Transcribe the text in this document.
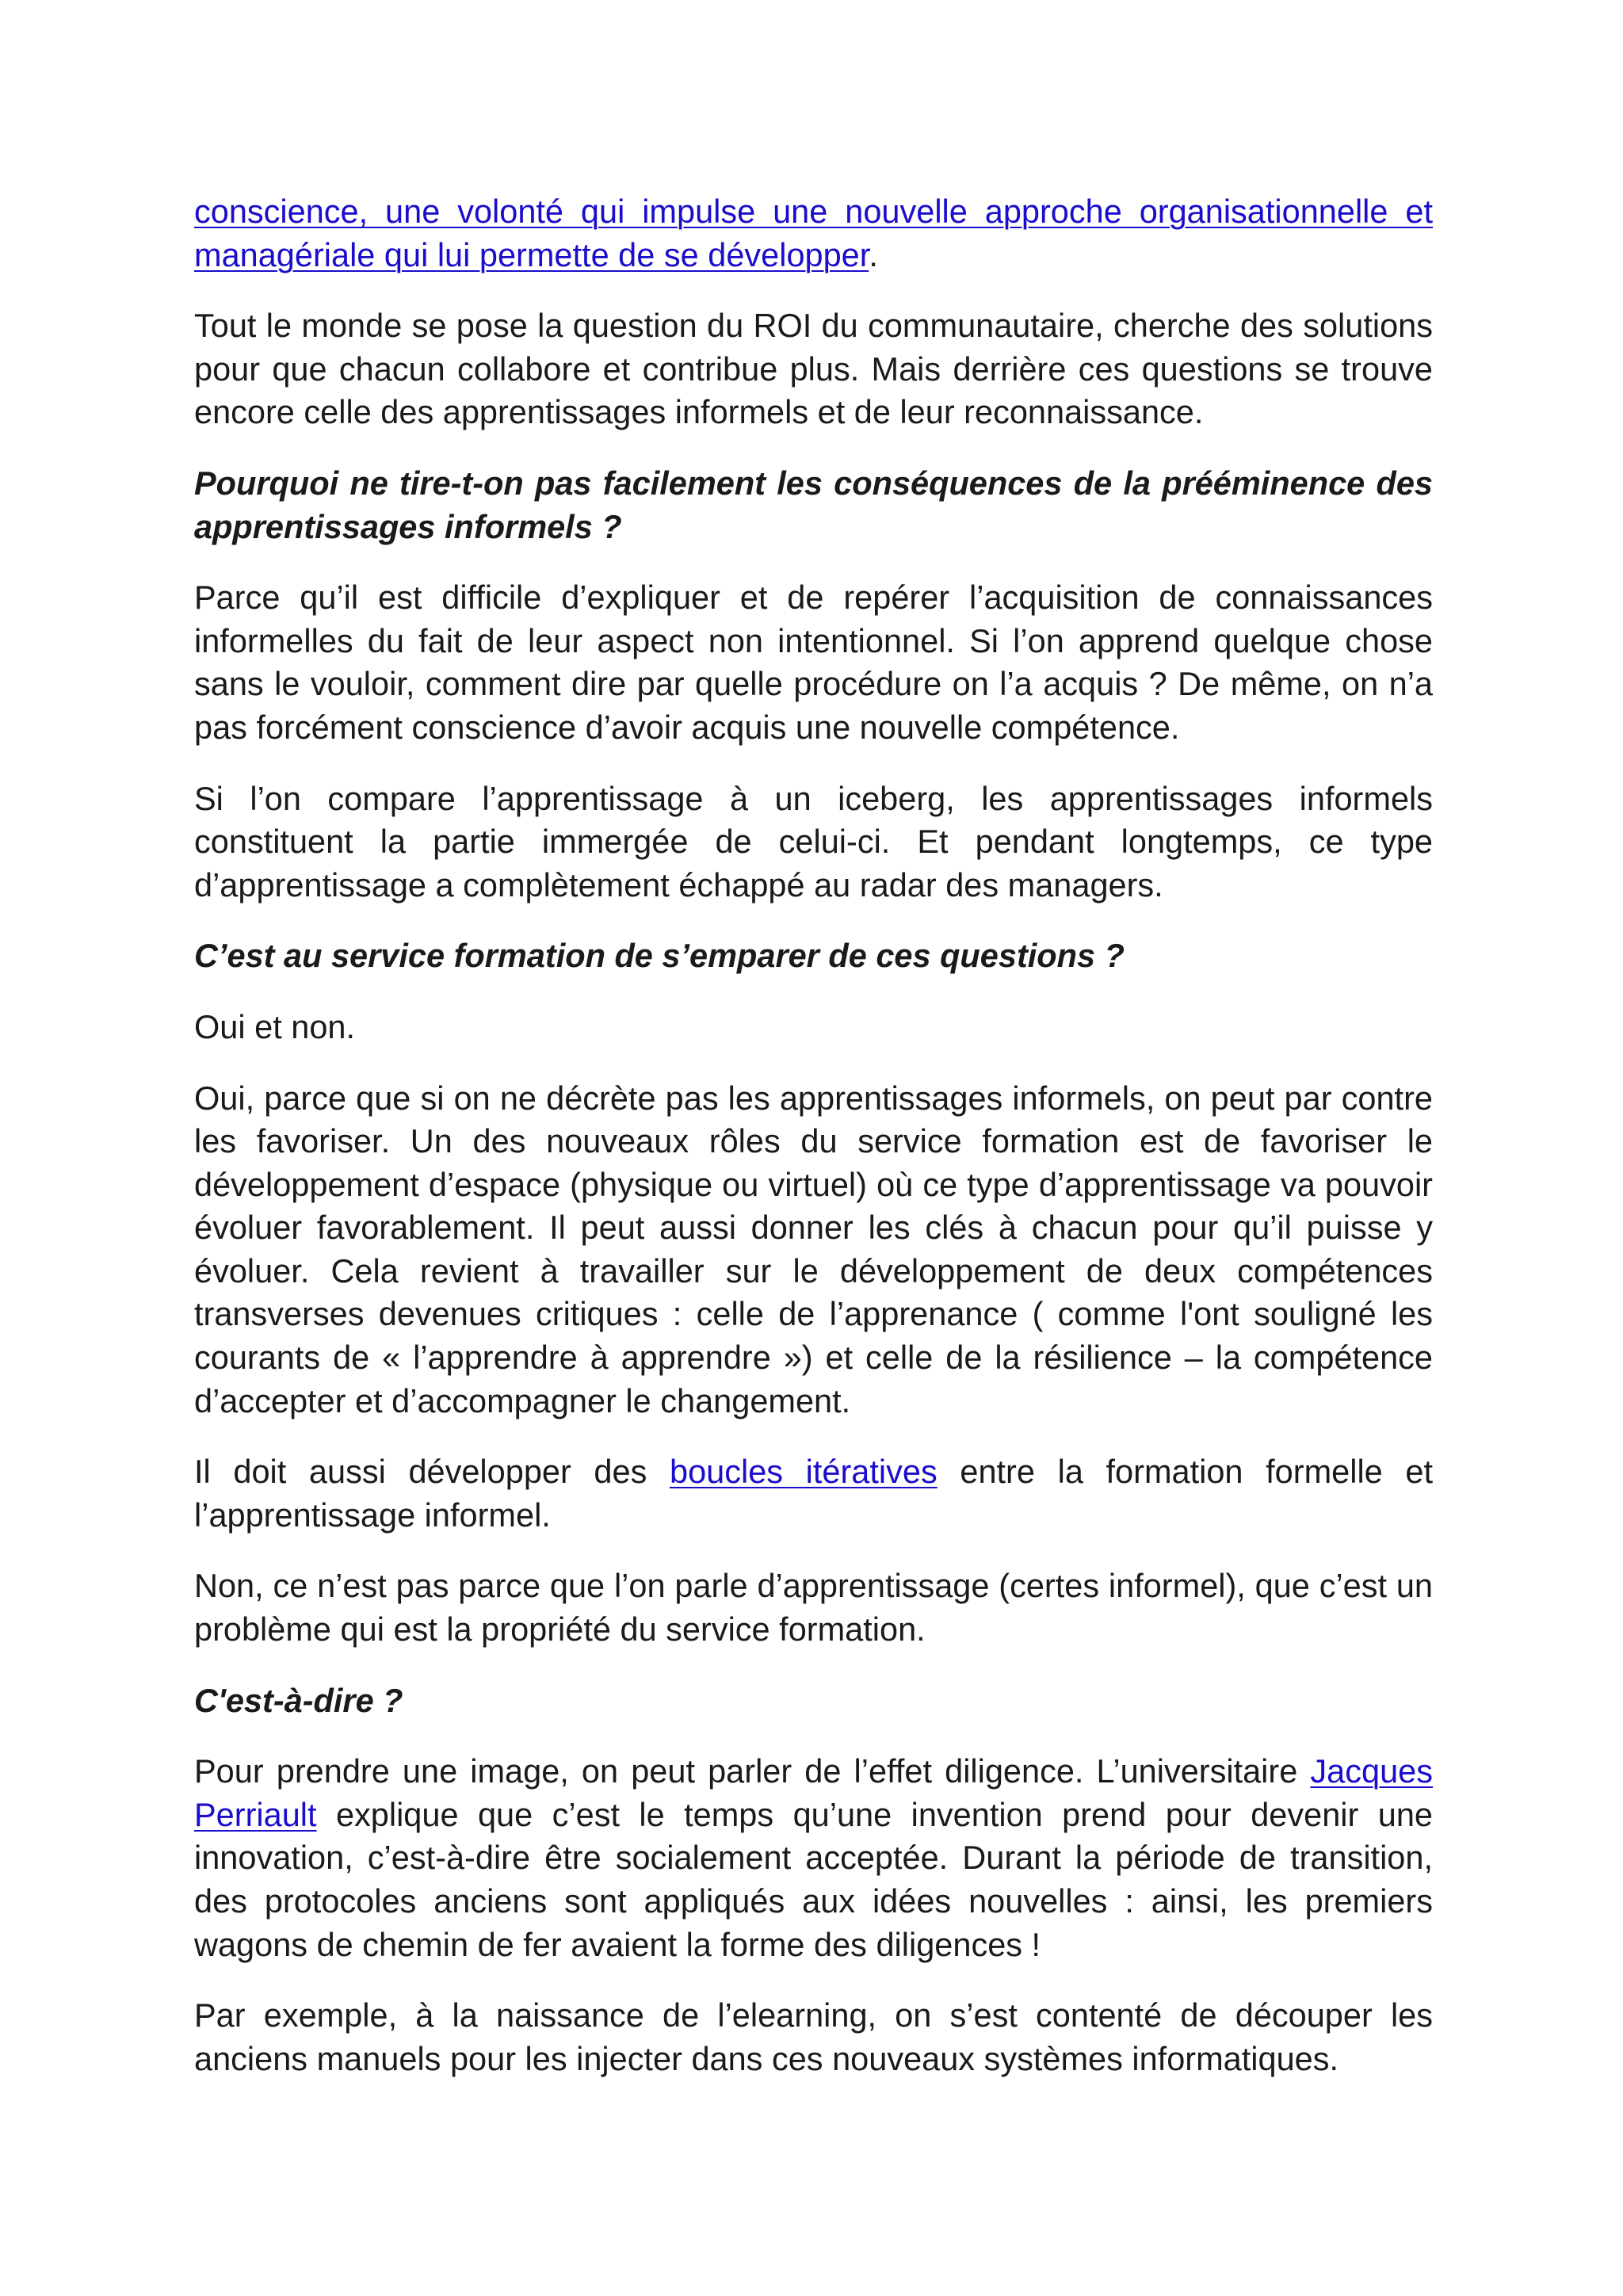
conscience, une volonté qui impulse une nouvelle approche organisationnelle et managériale qui lui permette de se développer.

Tout le monde se pose la question du ROI du communautaire, cherche des solutions pour que chacun collabore et contribue plus. Mais derrière ces questions se trouve encore celle des apprentissages informels et de leur reconnaissance.

Pourquoi ne tire-t-on pas facilement les conséquences de la prééminence des apprentissages informels ?

Parce qu’il est difficile d’expliquer et de repérer l’acquisition de connaissances informelles du fait de leur aspect non intentionnel. Si l’on apprend quelque chose sans le vouloir, comment dire par quelle procédure on l’a acquis ? De même, on n’a pas forcément conscience d’avoir acquis une nouvelle compétence.

Si l’on compare l’apprentissage à un iceberg, les apprentissages informels constituent la partie immergée de celui-ci. Et pendant longtemps, ce type d’apprentissage a complètement échappé au radar des managers.

C’est au service formation de s’emparer de ces questions ?

Oui et non.

Oui, parce que si on ne décrète pas les apprentissages informels, on peut par contre les favoriser. Un des nouveaux rôles du service formation est de favoriser le développement d’espace (physique ou virtuel) où ce type d’apprentissage va pouvoir évoluer favorablement. Il peut aussi donner les clés à chacun pour qu’il puisse y évoluer. Cela revient à travailler sur le développement de deux compétences transverses devenues critiques : celle de l’apprenance ( comme l'ont souligné les courants de « l’apprendre à apprendre ») et celle de la résilience – la compétence d’accepter et d’accompagner le changement.

Il doit aussi développer des boucles itératives entre la formation formelle et l’apprentissage informel.

Non, ce n’est pas parce que l’on parle d’apprentissage (certes informel), que c’est un problème qui est la propriété du service formation.

C'est-à-dire ?

Pour prendre une image, on peut parler de l’effet diligence. L’universitaire Jacques Perriault explique que c’est le temps qu’une invention prend pour devenir une innovation, c’est-à-dire être socialement acceptée. Durant la période de transition, des protocoles anciens sont appliqués aux idées nouvelles : ainsi, les premiers wagons de chemin de fer avaient la forme des diligences !

Par exemple, à la naissance de l’elearning, on s’est contenté de découper les anciens manuels pour les injecter dans ces nouveaux systèmes informatiques.
